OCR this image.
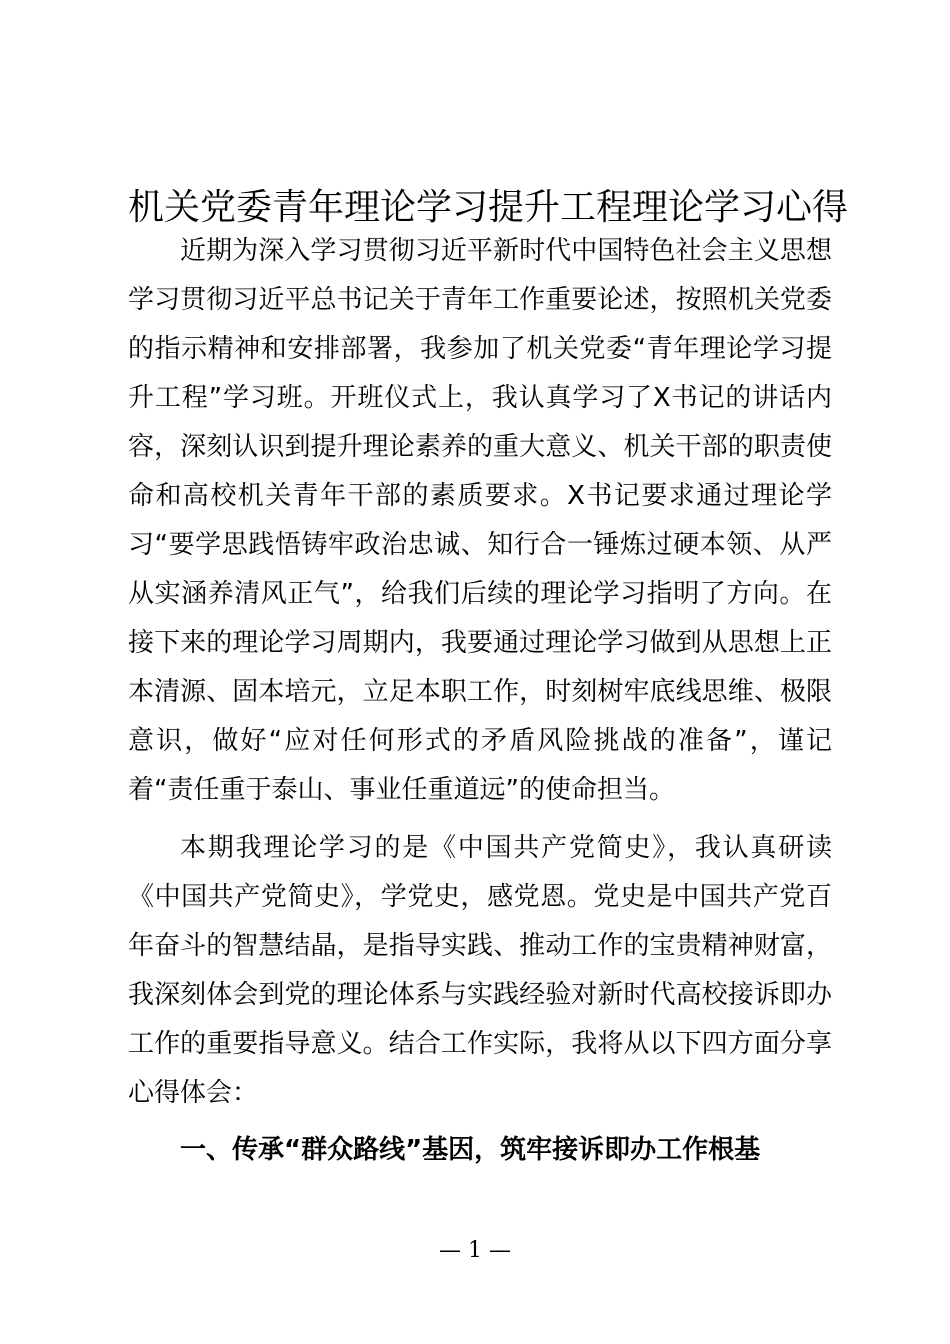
机关党委青年理论学习提升工程理论学习心得

近期为深入学习贯彻习近平新时代中国特色社会主义思想学习贯彻习近平总书记关于青年工作重要论述，按照机关党委的指示精神和安排部署，我参加了机关党委“青年理论学习提升工程”学习班。开班仪式上，我认真学习了X书记的讲话内容，深刻认识到提升理论素养的重大意义、机关干部的职责使命和高校机关青年干部的素质要求。X书记要求通过理论学习“要学思践悟铸牢政治忠诚、知行合一锤炼过硬本领、从严从实涵养清风正气”，给我们后续的理论学习指明了方向。在接下来的理论学习周期内，我要通过理论学习做到从思想上正本清源、固本培元，立足本职工作，时刻树牢底线思维、极限意识，做好“应对任何形式的矛盾风险挑战的准备”，谨记着“责任重于泰山、事业任重道远”的使命担当。

本期我理论学习的是《中国共产党简史》，我认真研读《中国共产党简史》，学党史，感党恩。党史是中国共产党百年奋斗的智慧结晶，是指导实践、推动工作的宝贵精神财富，我深刻体会到党的理论体系与实践经验对新时代高校接诉即办工作的重要指导意义。结合工作实际，我将从以下四方面分享心得体会：

一、传承“群众路线”基因，筑牢接诉即办工作根基
— 1 —
